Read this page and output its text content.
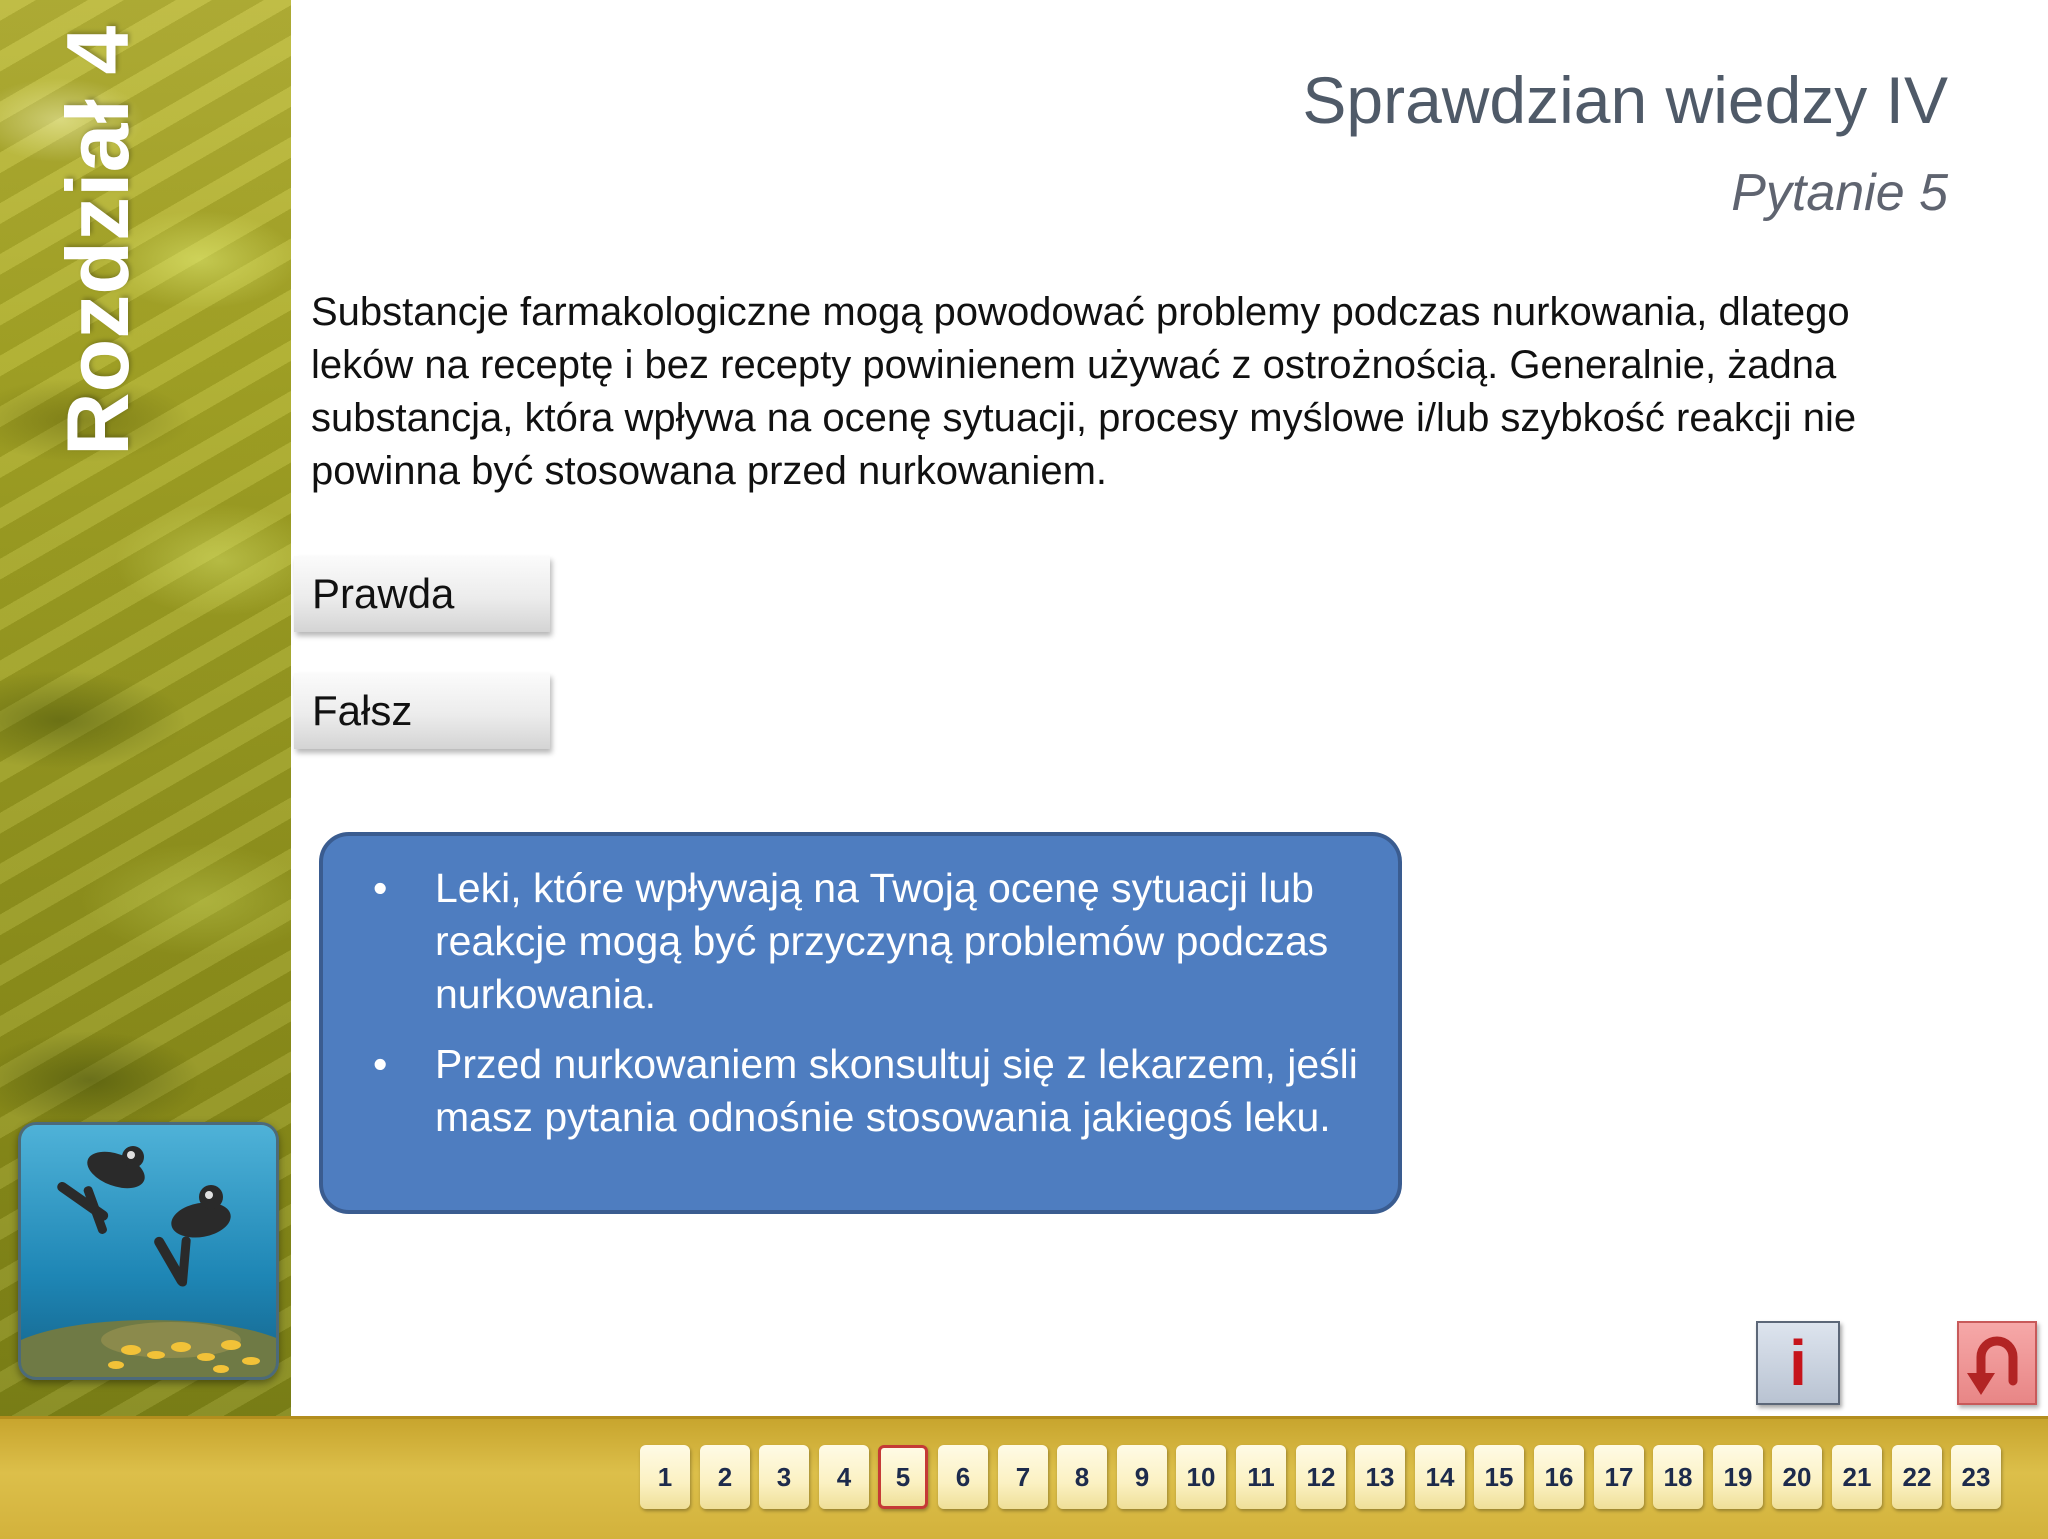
Rozdział 4	Sprawdzian wiedzy IV
Pytanie 5
Substancje farmakologiczne mogą powodować problemy podczas nurkowania, dlatego leków na receptę i bez recepty powinienem używać z ostrożnością. Generalnie, żadna substancja, która wpływa na ocenę sytuacji, procesy myślowe i/lub szybkość reakcji nie powinna być stosowana przed nurkowaniem.
Prawda
Fałsz
• Leki, które wpływają na Twoją ocenę sytuacji lub reakcje mogą być przyczyną problemów podczas nurkowania.
• Przed nurkowaniem skonsultuj się z lekarzem, jeśli masz pytania odnośnie stosowania jakiegoś leku.
i
1	2	3	4	5	6	7	8	9	10	11	12	13	14	15	16	17	18	19	20	21	22	23
